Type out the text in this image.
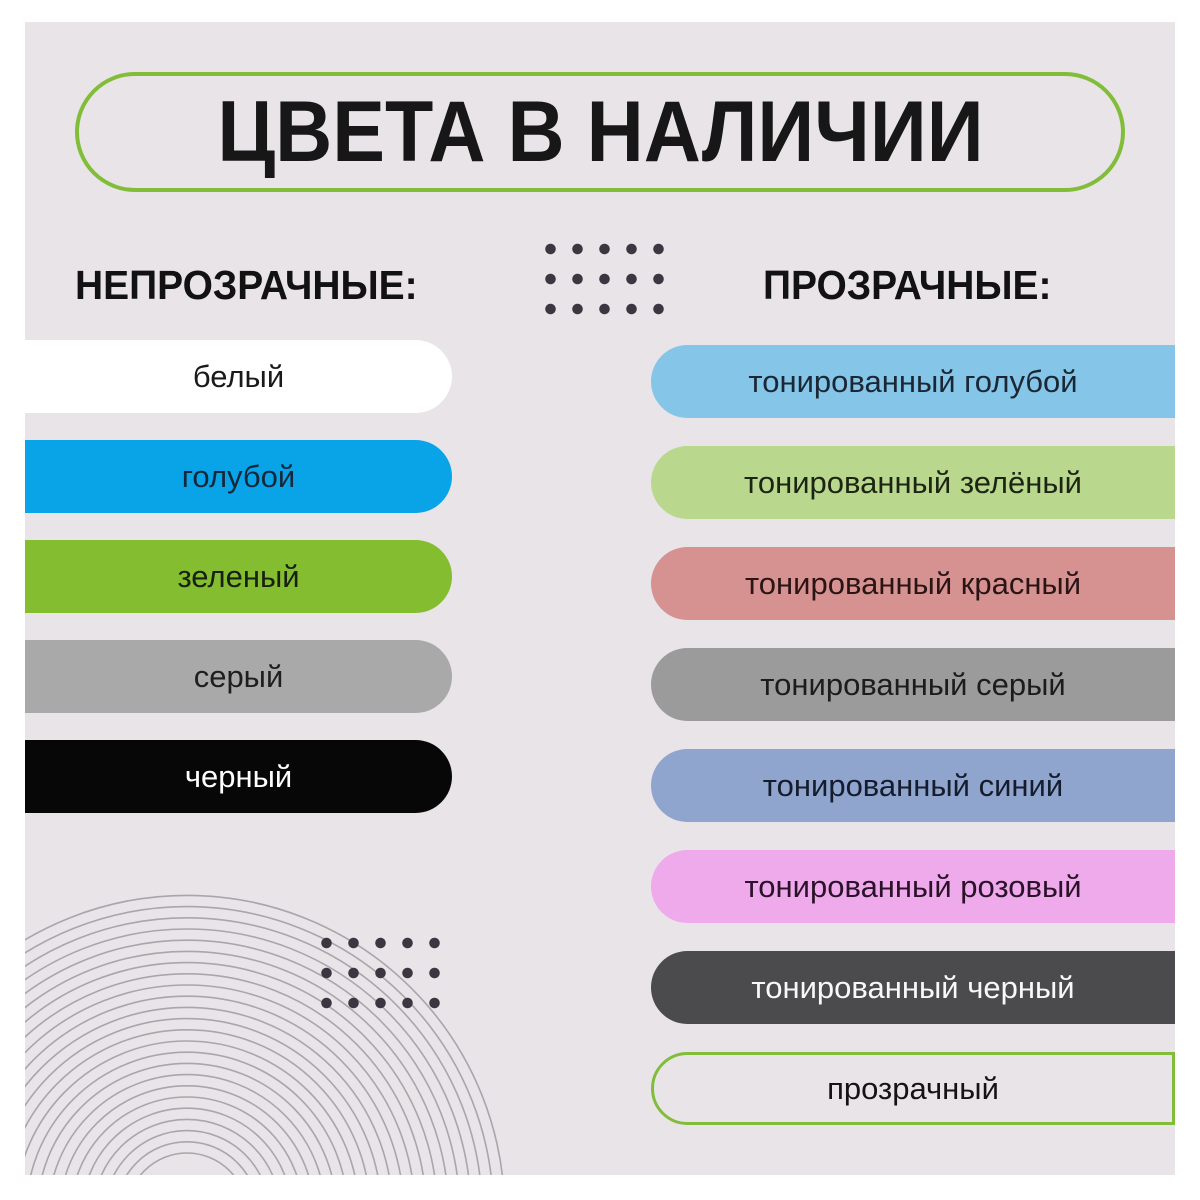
ЦВЕТА В НАЛИЧИИ
НЕПРОЗРАЧНЫЕ:	ПРОЗРАЧНЫЕ:
белый
голубой
зеленый
серый
черный
тонированный голубой
тонированный зелёный
тонированный красный
тонированный серый
тонированный синий
тонированный розовый
тонированный черный
прозрачный
